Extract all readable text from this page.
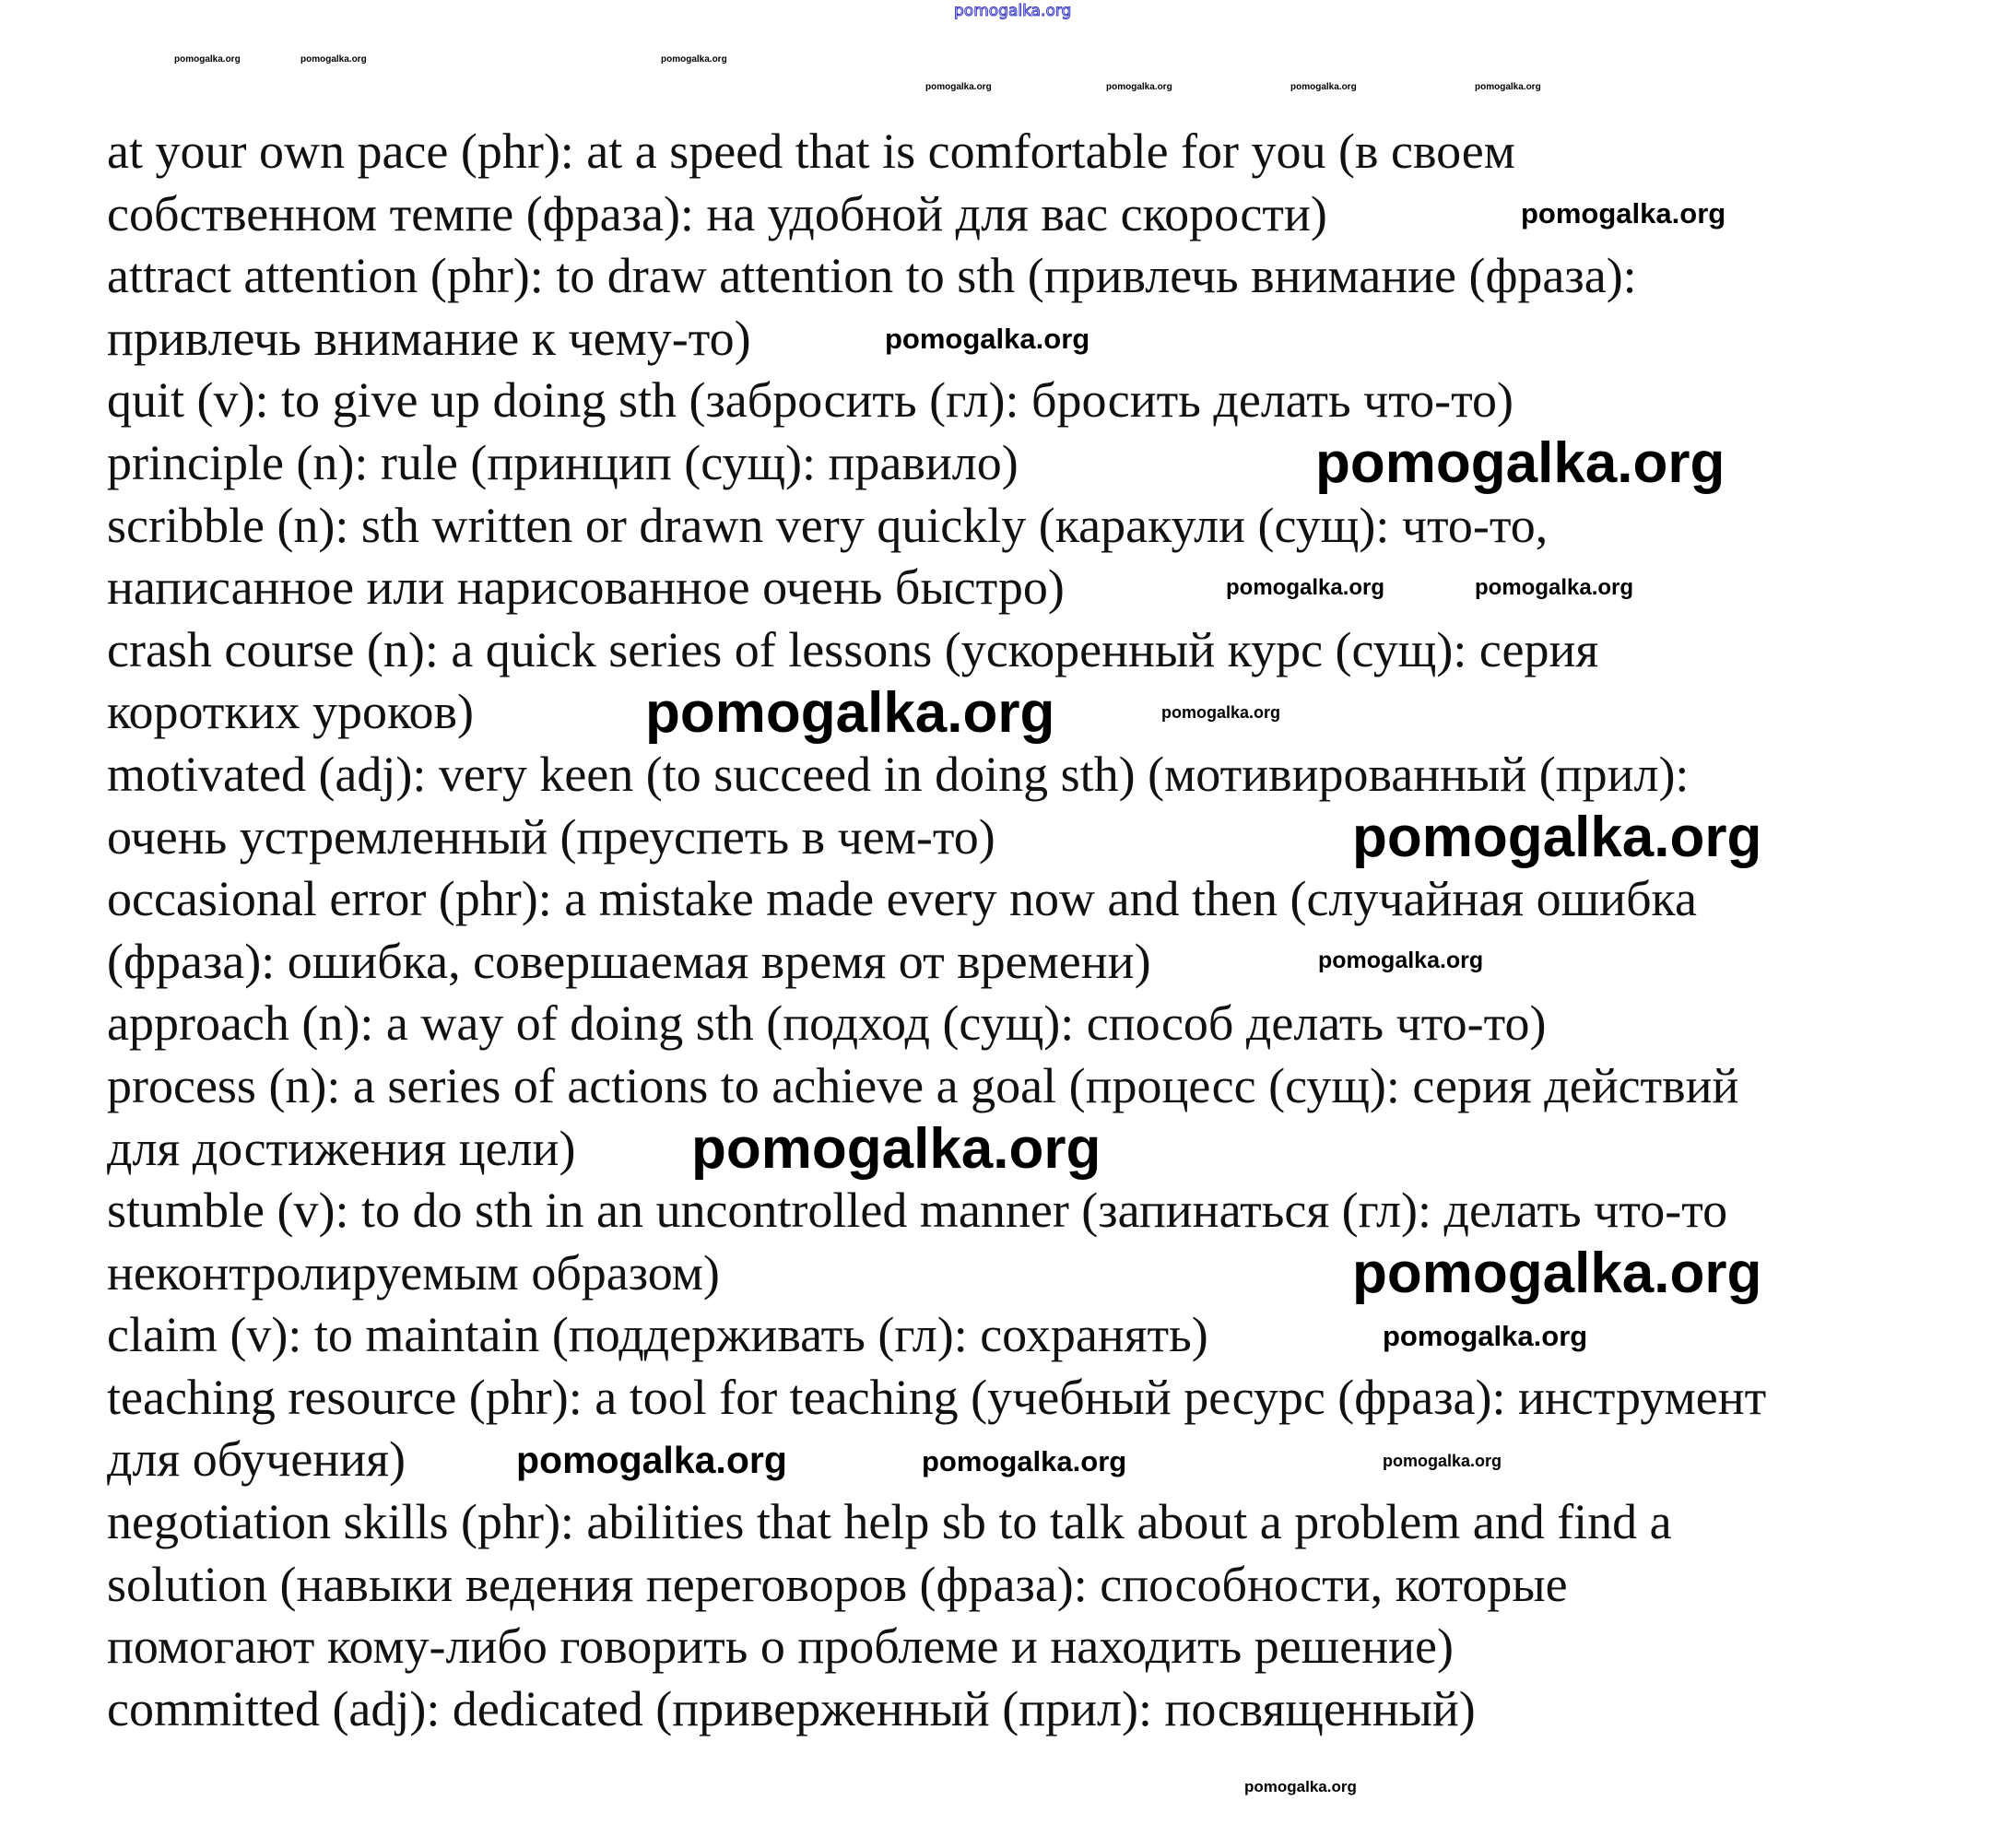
pomogalka.org
at your own pace (phr): at a speed that is comfortable for you (в своем
собственном темпе (фраза): на удобной для вас скорости)
attract attention (phr): to draw attention to sth (привлечь внимание (фраза):
привлечь внимание к чему-то)
quit (v): to give up doing sth (забросить (гл): бросить делать что-то)
principle (n): rule (принцип (сущ): правило)
scribble (n): sth written or drawn very quickly (каракули (сущ): что-то,
написанное или нарисованное очень быстро)
crash course (n): a quick series of lessons (ускоренный курс (сущ): серия
коротких уроков)
motivated (adj): very keen (to succeed in doing sth) (мотивированный (прил):
очень устремленный (преуспеть в чем-то)
occasional error (phr): a mistake made every now and then (случайная ошибка
(фраза): ошибка, совершаемая время от времени)
approach (n): a way of doing sth (подход (сущ): способ делать что-то)
process (n): a series of actions to achieve a goal (процесс (сущ): серия действий
для достижения цели)
stumble (v): to do sth in an uncontrolled manner (запинаться (гл): делать что-то
неконтролируемым образом)
claim (v): to maintain (поддерживать (гл): сохранять)
teaching resource (phr): a tool for teaching (учебный ресурс (фраза): инструмент
для обучения)
negotiation skills (phr): abilities that help sb to talk about a problem and find a
solution (навыки ведения переговоров (фраза): способности, которые
помогают кому-либо говорить о проблеме и находить решение)
committed (adj): dedicated (приверженный (прил): посвященный)
pomogalka.org	pomogalka.org	pomogalka.org
pomogalka.org	pomogalka.org	pomogalka.org	pomogalka.org
pomogalka.org
pomogalka.org
pomogalka.org
pomogalka.org	pomogalka.org
pomogalka.org
pomogalka.org
pomogalka.org
pomogalka.org
pomogalka.org
pomogalka.org
pomogalka.org
pomogalka.org
pomogalka.org
pomogalka.org
pomogalka.org
